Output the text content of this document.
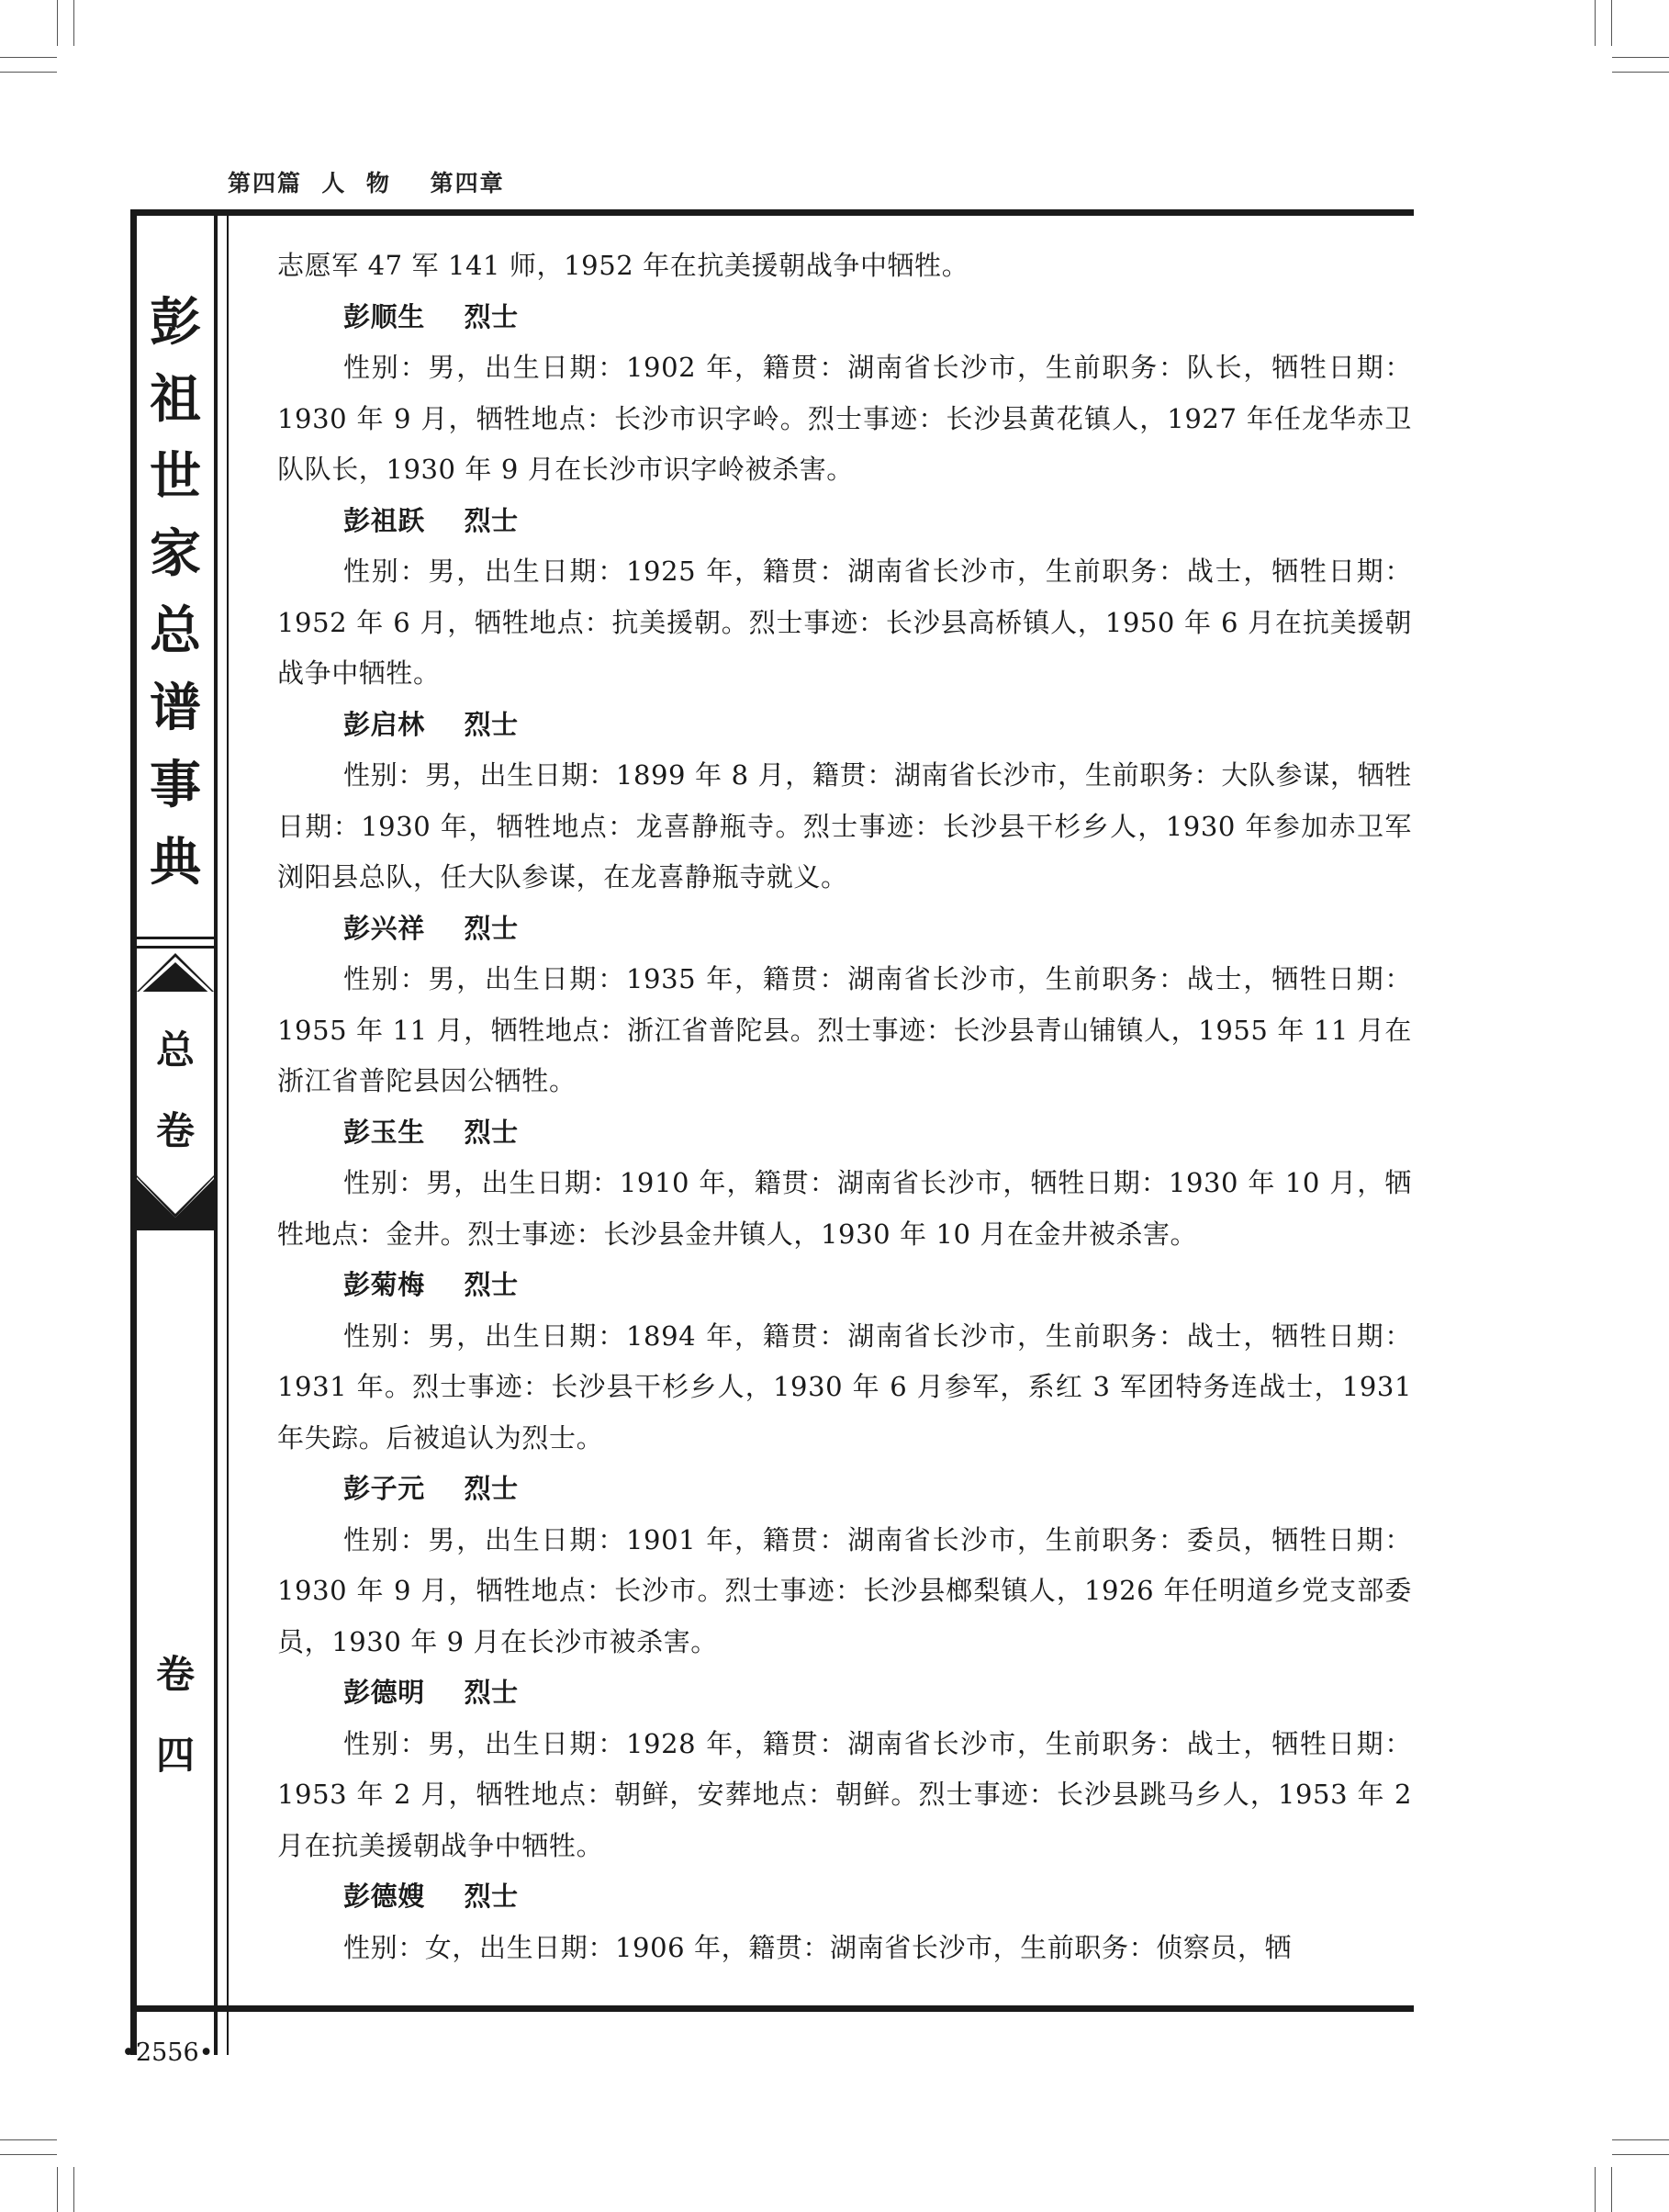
第四篇  人  物    第四章
彭
祖
世
家
总
谱
事
典
总
卷
卷
四

志愿军 47 军 141 师，1952 年在抗美援朝战争中牺牲。

彭顺生    烈士

性别：男，出生日期：1902 年，籍贯：湖南省长沙市，生前职务：队长，牺牲日期：1930 年 9 月，牺牲地点：长沙市识字岭。烈士事迹：长沙县黄花镇人，1927 年任龙华赤卫队队长，1930 年 9 月在长沙市识字岭被杀害。

彭祖跃    烈士

性别：男，出生日期：1925 年，籍贯：湖南省长沙市，生前职务：战士，牺牲日期：1952 年 6 月，牺牲地点：抗美援朝。烈士事迹：长沙县高桥镇人，1950 年 6 月在抗美援朝战争中牺牲。

彭启林    烈士

性别：男，出生日期：1899 年 8 月，籍贯：湖南省长沙市，生前职务：大队参谋，牺牲日期：1930 年，牺牲地点：龙喜静瓶寺。烈士事迹：长沙县干杉乡人，1930 年参加赤卫军浏阳县总队，任大队参谋，在龙喜静瓶寺就义。

彭兴祥    烈士

性别：男，出生日期：1935 年，籍贯：湖南省长沙市，生前职务：战士，牺牲日期：1955 年 11 月，牺牲地点：浙江省普陀县。烈士事迹：长沙县青山铺镇人，1955 年 11 月在浙江省普陀县因公牺牲。

彭玉生    烈士

性别：男，出生日期：1910 年，籍贯：湖南省长沙市，牺牲日期：1930 年 10 月，牺牲地点：金井。烈士事迹：长沙县金井镇人，1930 年 10 月在金井被杀害。

彭菊梅    烈士

性别：男，出生日期：1894 年，籍贯：湖南省长沙市，生前职务：战士，牺牲日期：1931 年。烈士事迹：长沙县干杉乡人，1930 年 6 月参军，系红 3 军团特务连战士，1931 年失踪。后被追认为烈士。

彭子元    烈士

性别：男，出生日期：1901 年，籍贯：湖南省长沙市，生前职务：委员，牺牲日期：1930 年 9 月，牺牲地点：长沙市。烈士事迹：长沙县榔梨镇人，1926 年任明道乡党支部委员，1930 年 9 月在长沙市被杀害。

彭德明    烈士

性别：男，出生日期：1928 年，籍贯：湖南省长沙市，生前职务：战士，牺牲日期：1953 年 2 月，牺牲地点：朝鲜，安葬地点：朝鲜。烈士事迹：长沙县跳马乡人，1953 年 2 月在抗美援朝战争中牺牲。

彭德嫂    烈士

性别：女，出生日期：1906 年，籍贯：湖南省长沙市，生前职务：侦察员，牺

•2556•
